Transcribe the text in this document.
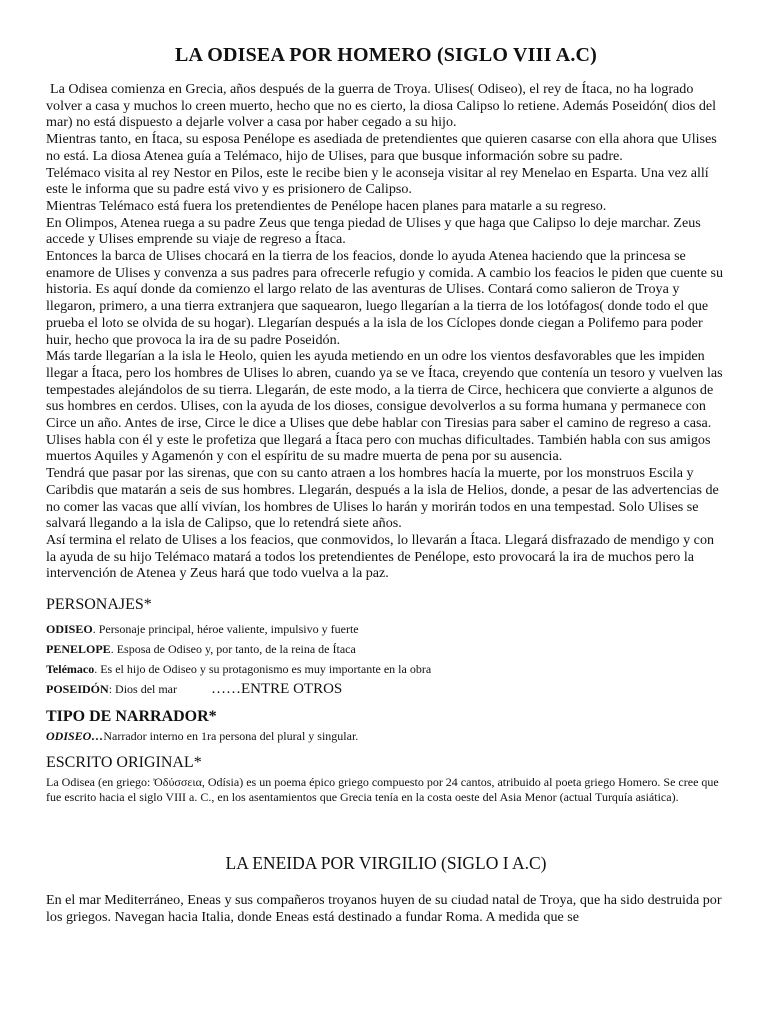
LA ODISEA POR HOMERO (SIGLO VIII A.C)

La Odisea comienza en Grecia, años después de la guerra de Troya. Ulises( Odiseo), el rey de Ítaca, no ha logrado volver a casa y muchos lo creen muerto, hecho que no es cierto, la diosa Calipso lo retiene. Además Poseidón( dios del mar) no está dispuesto a dejarle volver a casa por haber cegado a su hijo.

Mientras tanto, en Ítaca, su esposa Penélope es asediada de pretendientes que quieren casarse con ella ahora que Ulises no está. La diosa Atenea guía a Telémaco, hijo de Ulises, para que busque información sobre su padre.

Telémaco visita al rey Nestor en Pilos, este le recibe bien y le aconseja visitar al rey Menelao en Esparta. Una vez allí este le informa que su padre está vivo y es prisionero de Calipso.

Mientras Telémaco está fuera los pretendientes de Penélope hacen planes para matarle a su regreso.

En Olimpos, Atenea ruega a su padre Zeus que tenga piedad de Ulises y que haga que Calipso lo deje marchar. Zeus accede y Ulises emprende su viaje de regreso a Ítaca.

Entonces la barca de Ulises chocará en la tierra de los feacios, donde lo ayuda Atenea haciendo que la princesa se enamore de Ulises y convenza a sus padres para ofrecerle refugio y comida. A cambio los feacios le piden que cuente su historia. Es aquí donde da comienzo el largo relato de las aventuras de Ulises. Contará como salieron de Troya y llegaron, primero, a una tierra extranjera que saquearon, luego llegarían a la tierra de los lotófagos( donde todo el que prueba el loto se olvida de su hogar). Llegarían después a la isla de los Cíclopes donde ciegan a Polifemo para poder huir, hecho que provoca la ira de su padre Poseidón.

Más tarde llegarían a la isla le Heolo, quien les ayuda metiendo en un odre los vientos desfavorables que les impiden llegar a Ítaca, pero los hombres de Ulises lo abren, cuando ya se ve Ítaca, creyendo que contenía un tesoro y vuelven las tempestades alejándolos de su tierra. Llegarán, de este modo, a la tierra de Circe, hechicera que convierte a algunos de sus hombres en cerdos. Ulises, con la ayuda de los dioses, consigue devolverlos a su forma humana y permanece con Circe un año. Antes de irse, Circe le dice a Ulises que debe hablar con Tiresias para saber el camino de regreso a casa. Ulises habla con él y este le profetiza que llegará a Ítaca pero con muchas dificultades. También habla con sus amigos muertos Aquiles y Agamenón y con el espíritu de su madre muerta de pena por su ausencia.

Tendrá que pasar por las sirenas, que con su canto atraen a los hombres hacía la muerte, por los monstruos Escila y Caribdis que matarán a seis de sus hombres. Llegarán, después a la isla de Helios, donde, a pesar de las advertencias de no comer las vacas que allí vivían, los hombres de Ulises lo harán y morirán todos en una tempestad. Solo Ulises se salvará llegando a la isla de Calipso, que lo retendrá siete años.

Así termina el relato de Ulises a los feacios, que conmovidos, lo llevarán a Ítaca. Llegará disfrazado de mendigo y con la ayuda de su hijo Telémaco matará a todos los pretendientes de Penélope, esto provocará la ira de muchos pero la intervención de Atenea y Zeus hará que todo vuelva a la paz.

PERSONAJES*
ODISEO. Personaje principal, héroe valiente, impulsivo y fuerte
PENELOPE. Esposa de Odiseo y, por tanto, de la reina de Ítaca
Telémaco. Es el hijo de Odiseo y su protagonismo es muy importante en la obra
POSEIDÓN: Dios del mar ……ENTRE OTROS
TIPO DE NARRADOR*

ODISEO…Narrador interno en 1ra persona del plural y singular.

ESCRITO ORIGINAL*

La Odisea (en griego: Ὀδύσσεια, Odísia) es un poema épico griego compuesto por 24 cantos, atribuido al poeta griego Homero. Se cree que fue escrito hacia el siglo VIII a. C., en los asentamientos que Grecia tenía en la costa oeste del Asia Menor (actual Turquía asiática).

LA ENEIDA POR VIRGILIO (SIGLO I A.C)

En el mar Mediterráneo, Eneas y sus compañeros troyanos huyen de su ciudad natal de Troya, que ha sido destruida por los griegos. Navegan hacia Italia, donde Eneas está destinado a fundar Roma. A medida que se
